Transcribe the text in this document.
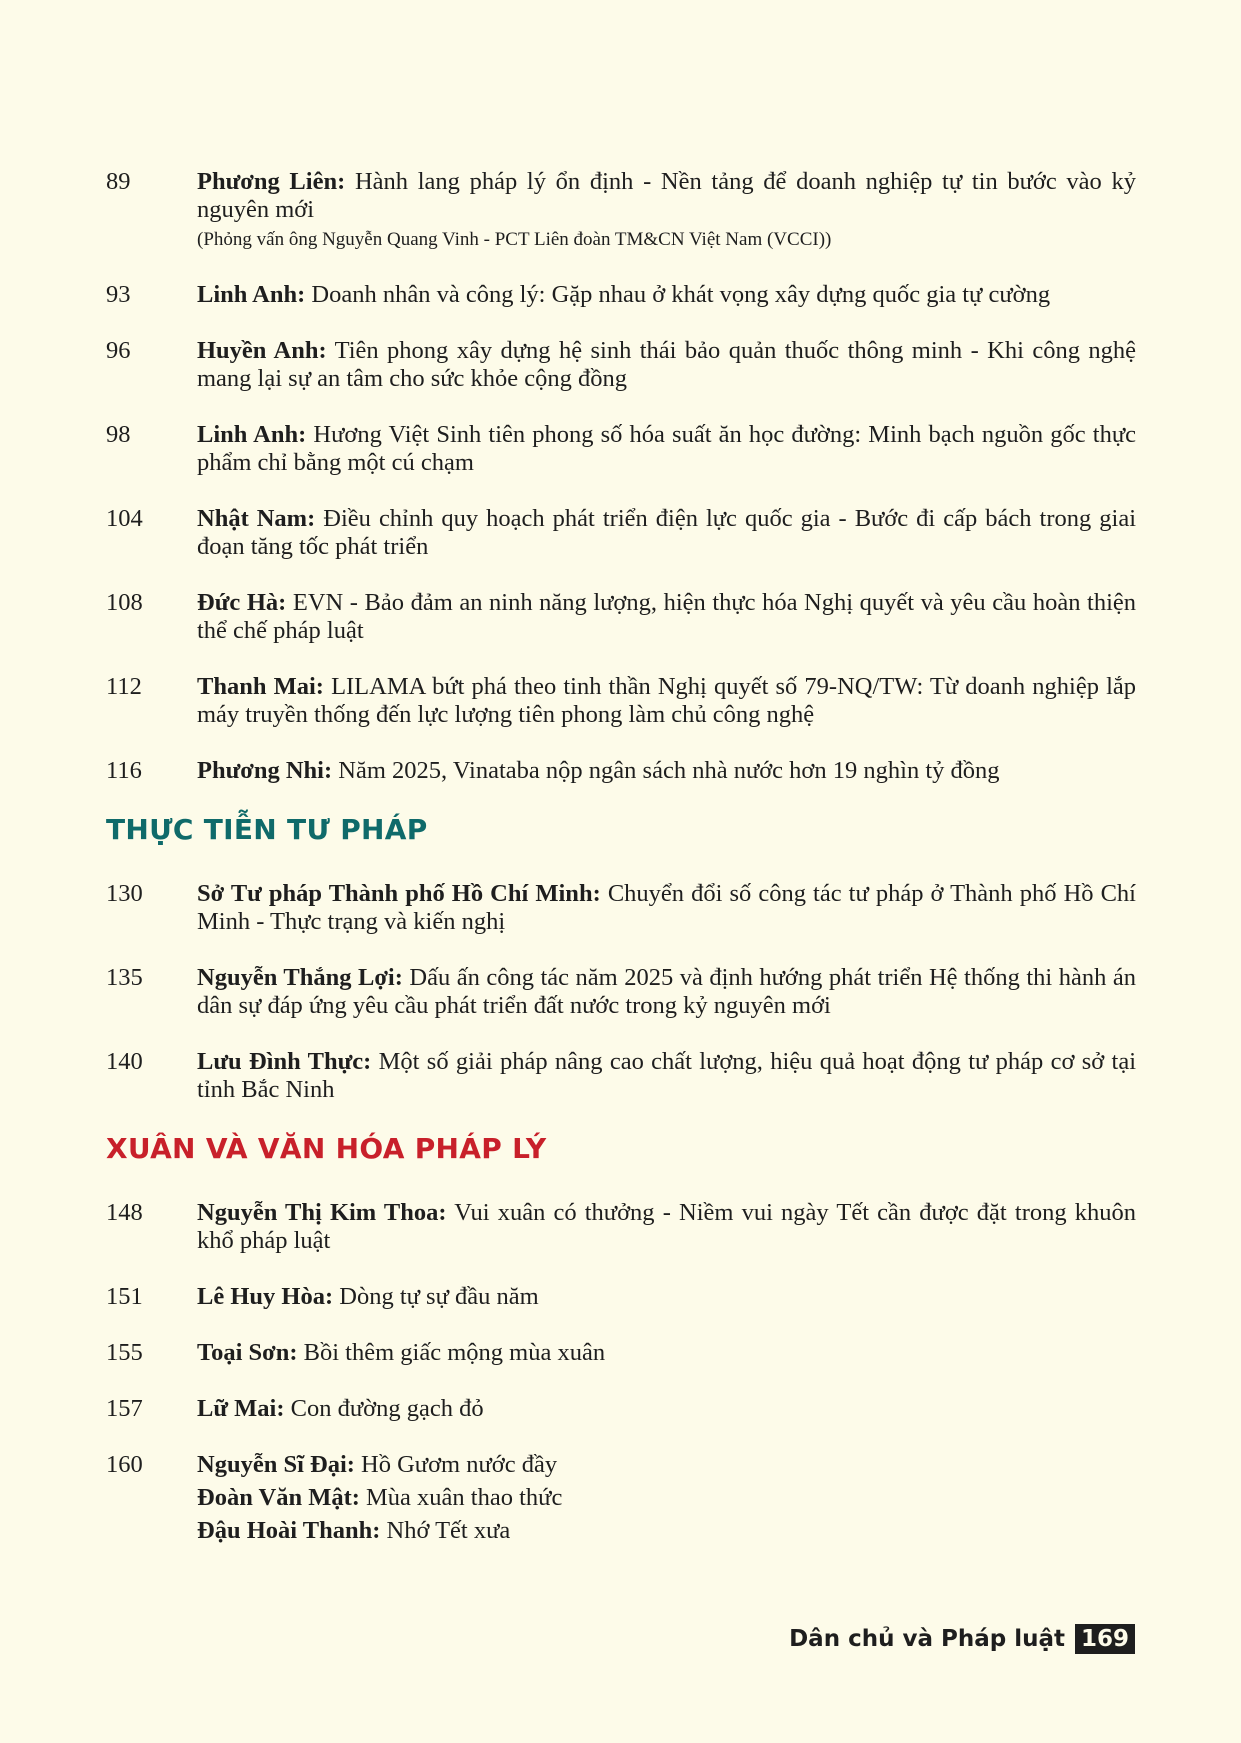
89	Phương Liên: Hành lang pháp lý ổn định - Nền tảng để doanh nghiệp tự tin bước vào kỷ nguyên mới
(Phỏng vấn ông Nguyễn Quang Vinh - PCT Liên đoàn TM&CN Việt Nam (VCCI))
93	Linh Anh: Doanh nhân và công lý: Gặp nhau ở khát vọng xây dựng quốc gia tự cường
96	Huyền Anh: Tiên phong xây dựng hệ sinh thái bảo quản thuốc thông minh - Khi công nghệ mang lại sự an tâm cho sức khỏe cộng đồng
98	Linh Anh: Hương Việt Sinh tiên phong số hóa suất ăn học đường: Minh bạch nguồn gốc thực phẩm chỉ bằng một cú chạm
104	Nhật Nam: Điều chỉnh quy hoạch phát triển điện lực quốc gia - Bước đi cấp bách trong giai đoạn tăng tốc phát triển
108	Đức Hà: EVN - Bảo đảm an ninh năng lượng, hiện thực hóa Nghị quyết và yêu cầu hoàn thiện thể chế pháp luật
112	Thanh Mai: LILAMA bứt phá theo tinh thần Nghị quyết số 79-NQ/TW: Từ doanh nghiệp lắp máy truyền thống đến lực lượng tiên phong làm chủ công nghệ
116	Phương Nhi: Năm 2025, Vinataba nộp ngân sách nhà nước hơn 19 nghìn tỷ đồng
THỰC TIỄN TƯ PHÁP
130	Sở Tư pháp Thành phố Hồ Chí Minh: Chuyển đổi số công tác tư pháp ở Thành phố Hồ Chí Minh - Thực trạng và kiến nghị
135	Nguyễn Thắng Lợi: Dấu ấn công tác năm 2025 và định hướng phát triển Hệ thống thi hành án dân sự đáp ứng yêu cầu phát triển đất nước trong kỷ nguyên mới
140	Lưu Đình Thực: Một số giải pháp nâng cao chất lượng, hiệu quả hoạt động tư pháp cơ sở tại tỉnh Bắc Ninh
XUÂN VÀ VĂN HÓA PHÁP LÝ
148	Nguyễn Thị Kim Thoa: Vui xuân có thưởng - Niềm vui ngày Tết cần được đặt trong khuôn khổ pháp luật
151	Lê Huy Hòa: Dòng tự sự đầu năm
155	Toại Sơn: Bồi thêm giấc mộng mùa xuân
157	Lữ Mai: Con đường gạch đỏ
160	Nguyễn Sĩ Đại: Hồ Gươm nước đầy
Đoàn Văn Mật: Mùa xuân thao thức
Đậu Hoài Thanh: Nhớ Tết xưa
Dân chủ và Pháp luật 169
